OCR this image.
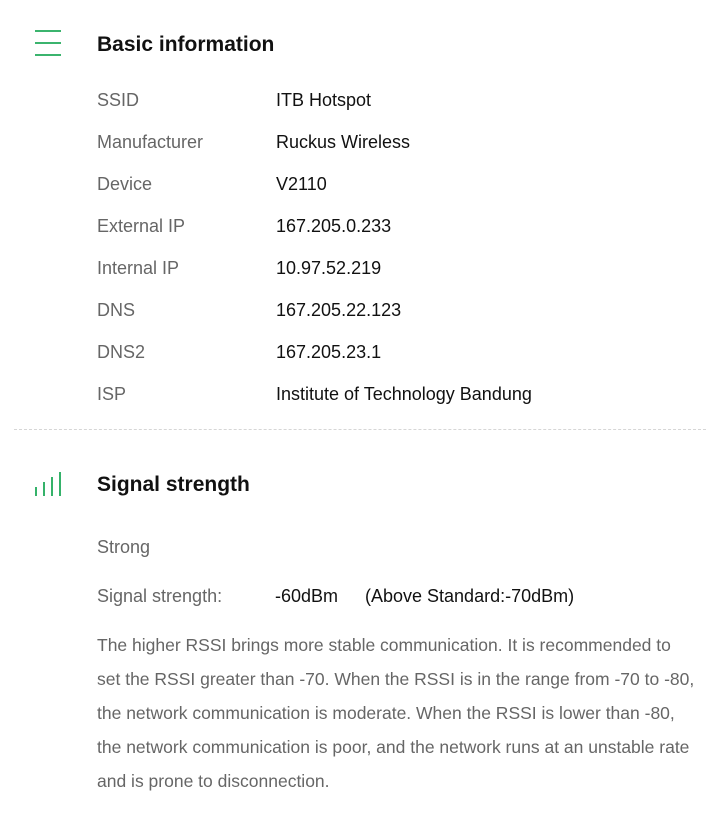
Basic information
SSID	ITB Hotspot
Manufacturer	Ruckus Wireless
Device	V2110
External IP	167.205.0.233
Internal IP	10.97.52.219
DNS	167.205.22.123
DNS2	167.205.23.1
ISP	Institute of Technology Bandung
Signal strength
Strong
Signal strength:	-60dBm (Above Standard:-70dBm)
The higher RSSI brings more stable communication. It is recommended to set the RSSI greater than -70. When the RSSI is in the range from -70 to -80, the network communication is moderate. When the RSSI is lower than -80, the network communication is poor, and the network runs at an unstable rate and is prone to disconnection.
